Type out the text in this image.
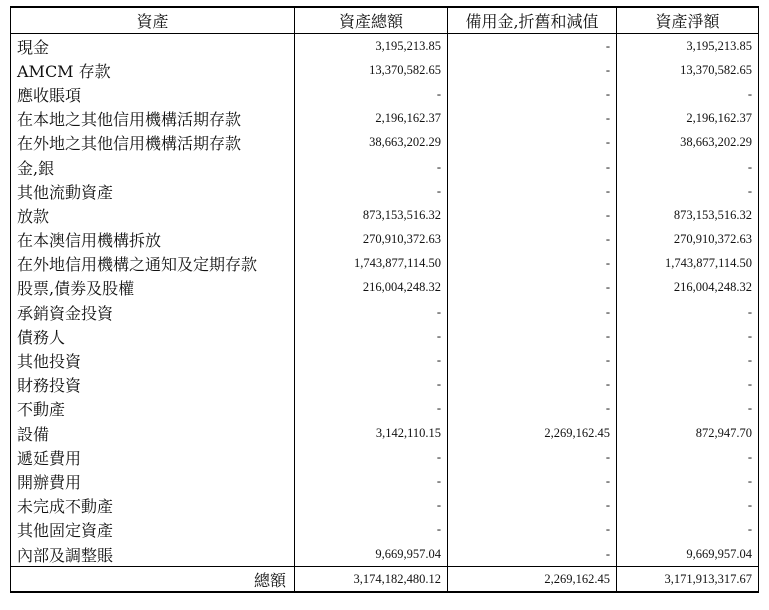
資產	資產總額	備用金,折舊和減值	資產淨額
現金	3,195,213.85	-	3,195,213.85
AMCM 存款	13,370,582.65	-	13,370,582.65
應收賬項	-	-	-
在本地之其他信用機構活期存款	2,196,162.37	-	2,196,162.37
在外地之其他信用機構活期存款	38,663,202.29	-	38,663,202.29
金,銀	-	-	-
其他流動資產	-	-	-
放款	873,153,516.32	-	873,153,516.32
在本澳信用機構拆放	270,910,372.63	-	270,910,372.63
在外地信用機構之通知及定期存款	1,743,877,114.50	-	1,743,877,114.50
股票,債劵及股權	216,004,248.32	-	216,004,248.32
承銷資金投資	-	-	-
債務人	-	-	-
其他投資	-	-	-
財務投資	-	-	-
不動產	-	-	-
設備	3,142,110.15	2,269,162.45	872,947.70
遞延費用	-	-	-
開辦費用	-	-	-
未完成不動產	-	-	-
其他固定資產	-	-	-
內部及調整賬	9,669,957.04	-	9,669,957.04
總額	3,174,182,480.12	2,269,162.45	3,171,913,317.67
